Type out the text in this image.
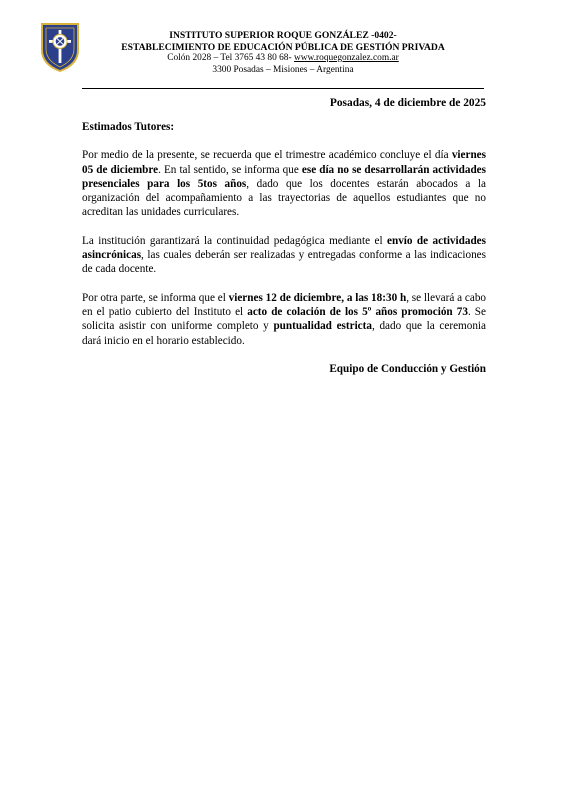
INSTITUTO SUPERIOR ROQUE GONZÁLEZ -0402-
ESTABLECIMIENTO DE EDUCACIÓN PÚBLICA DE GESTIÓN PRIVADA
Colón 2028 – Tel 3765 43 80 68- www.roquegonzalez.com.ar
3300 Posadas – Misiones – Argentina
Posadas, 4 de diciembre de 2025

Estimados Tutores:

Por medio de la presente, se recuerda que el trimestre académico concluye el día viernes 05 de diciembre. En tal sentido, se informa que ese día no se desarrollarán actividades presenciales para los 5tos años, dado que los docentes estarán abocados a la organización del acompañamiento a las trayectorias de aquellos estudiantes que no acreditan las unidades curriculares.

La institución garantizará la continuidad pedagógica mediante el envío de actividades asincrónicas, las cuales deberán ser realizadas y entregadas conforme a las indicaciones de cada docente.

Por otra parte, se informa que el viernes 12 de diciembre, a las 18:30 h, se llevará a cabo en el patio cubierto del Instituto el acto de colación de los 5º años promoción 73. Se solicita asistir con uniforme completo y puntualidad estricta, dado que la ceremonia dará inicio en el horario establecido.

Equipo de Conducción y Gestión
